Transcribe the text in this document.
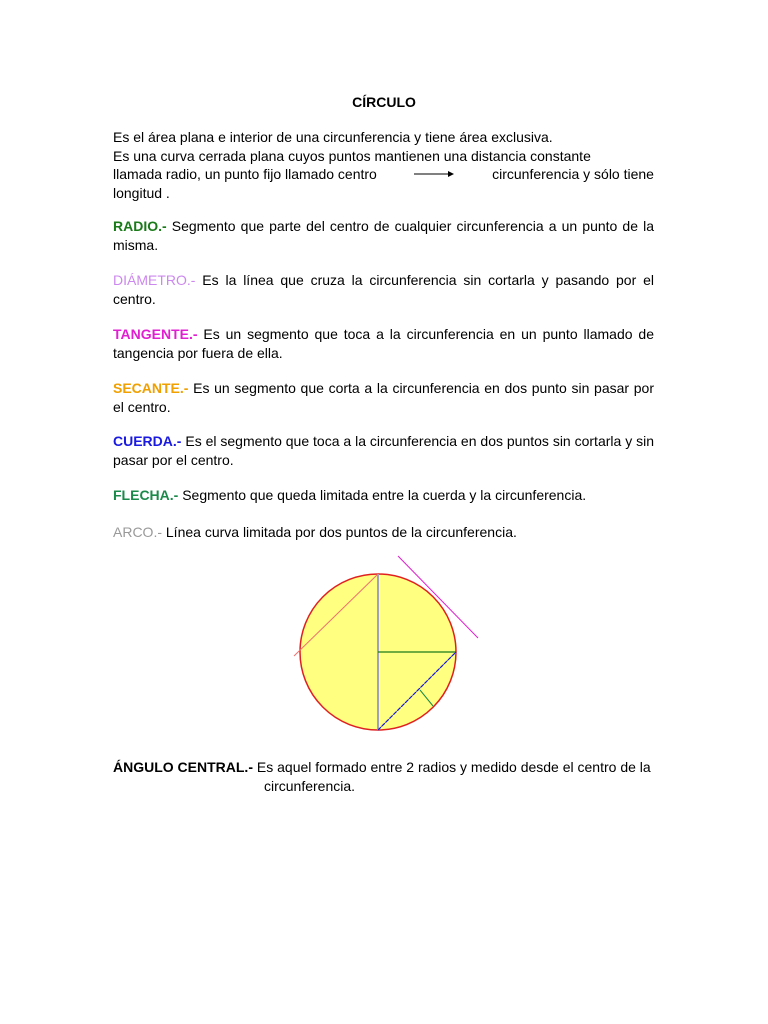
CÍRCULO
Es el área plana e interior de una circunferencia y tiene área exclusiva.
Es una curva cerrada plana cuyos puntos mantienen una distancia constante
llamada radio, un punto fijo llamado centro	circunferencia y sólo tiene
longitud .
RADIO.- Segmento que parte del centro de cualquier circunferencia a un punto de la misma.
DIÁMETRO.- Es la línea que cruza la circunferencia sin cortarla y pasando por el centro.
TANGENTE.- Es un segmento que toca a la circunferencia en un punto llamado de tangencia por fuera de ella.
SECANTE.- Es un segmento que corta a la circunferencia en dos punto sin pasar por el centro.
CUERDA.- Es el segmento que toca a la circunferencia en dos puntos sin cortarla y sin pasar por el centro.
FLECHA.- Segmento que queda limitada entre la cuerda y la circunferencia.
ARCO.- Línea curva limitada por dos puntos de la circunferencia.
ÁNGULO CENTRAL.- Es aquel formado entre 2 radios y medido desde el centro de la
circunferencia.
